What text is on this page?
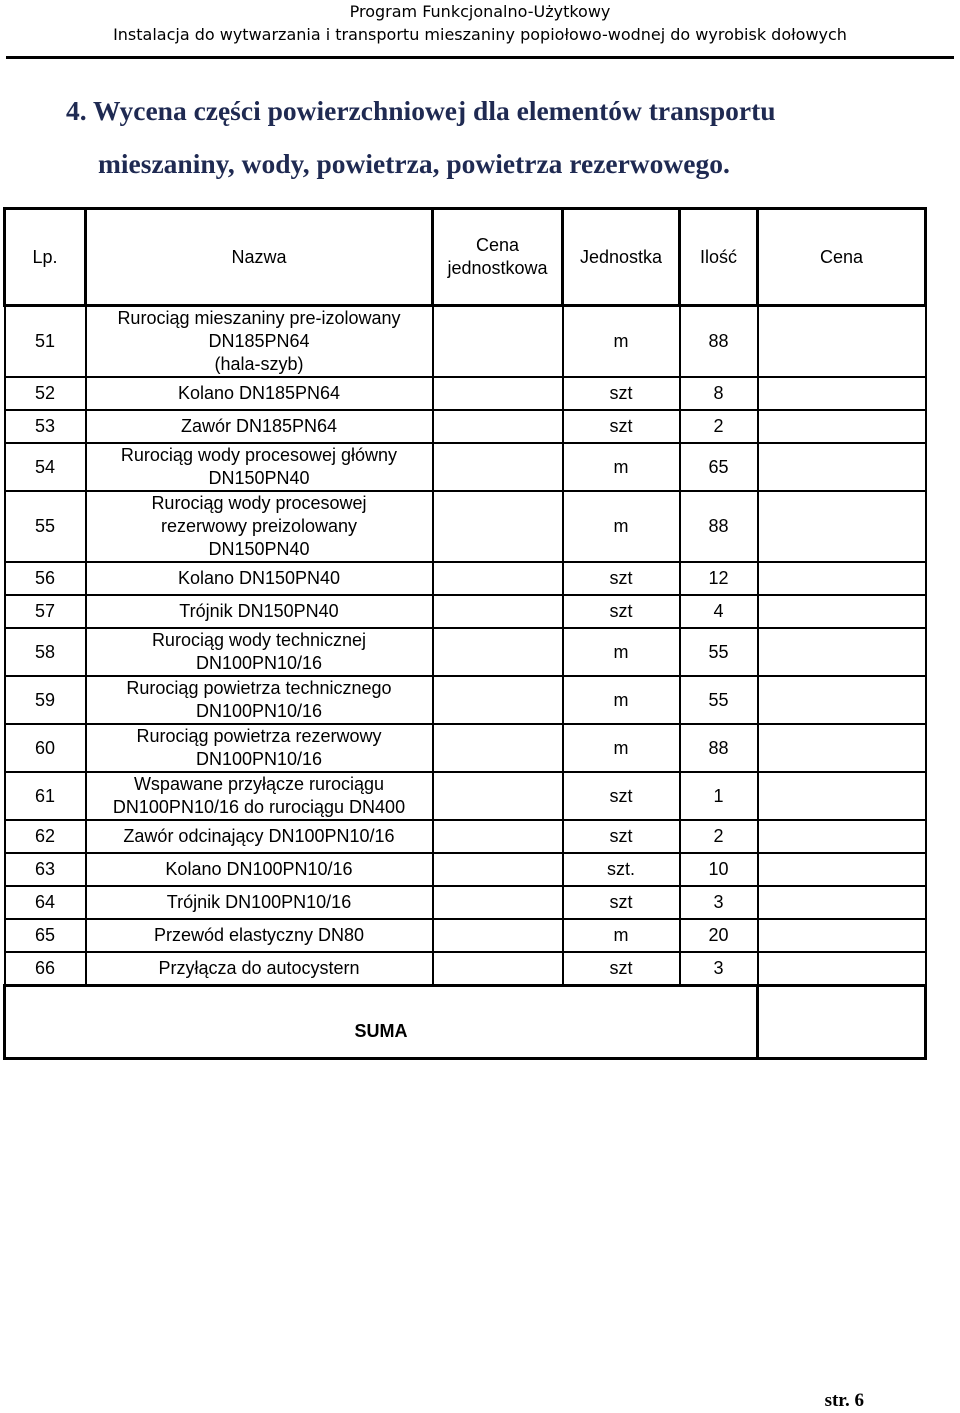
Program Funkcjonalno-Użytkowy
Instalacja do wytwarzania i transportu mieszaniny popiołowo-wodnej do wyrobisk dołowych
4. Wycena części powierzchniowej dla elementów transportu
mieszaniny, wody, powietrza, powietrza rezerwowego.
Lp.	Nazwa	Cena
jednostkowa	Jednostka	Ilość	Cena
51	Rurociąg mieszaniny pre-izolowany
DN185PN64
(hala-szyb)		m	88	
52	Kolano DN185PN64		szt	8	
53	Zawór DN185PN64		szt	2	
54	Rurociąg wody procesowej główny
DN150PN40		m	65	
55	Rurociąg wody procesowej
rezerwowy preizolowany
DN150PN40		m	88	
56	Kolano DN150PN40		szt	12	
57	Trójnik DN150PN40		szt	4	
58	Rurociąg wody technicznej
DN100PN10/16		m	55	
59	Rurociąg powietrza technicznego
DN100PN10/16		m	55	
60	Rurociąg powietrza rezerwowy
DN100PN10/16		m	88	
61	Wspawane przyłącze rurociągu
DN100PN10/16 do rurociągu DN400		szt	1	
62	Zawór odcinający DN100PN10/16		szt	2	
63	Kolano DN100PN10/16		szt.	10	
64	Trójnik DN100PN10/16		szt	3	
65	Przewód elastyczny DN80		m	20	
66	Przyłącza do autocystern		szt	3	
SUMA					
str. 6
